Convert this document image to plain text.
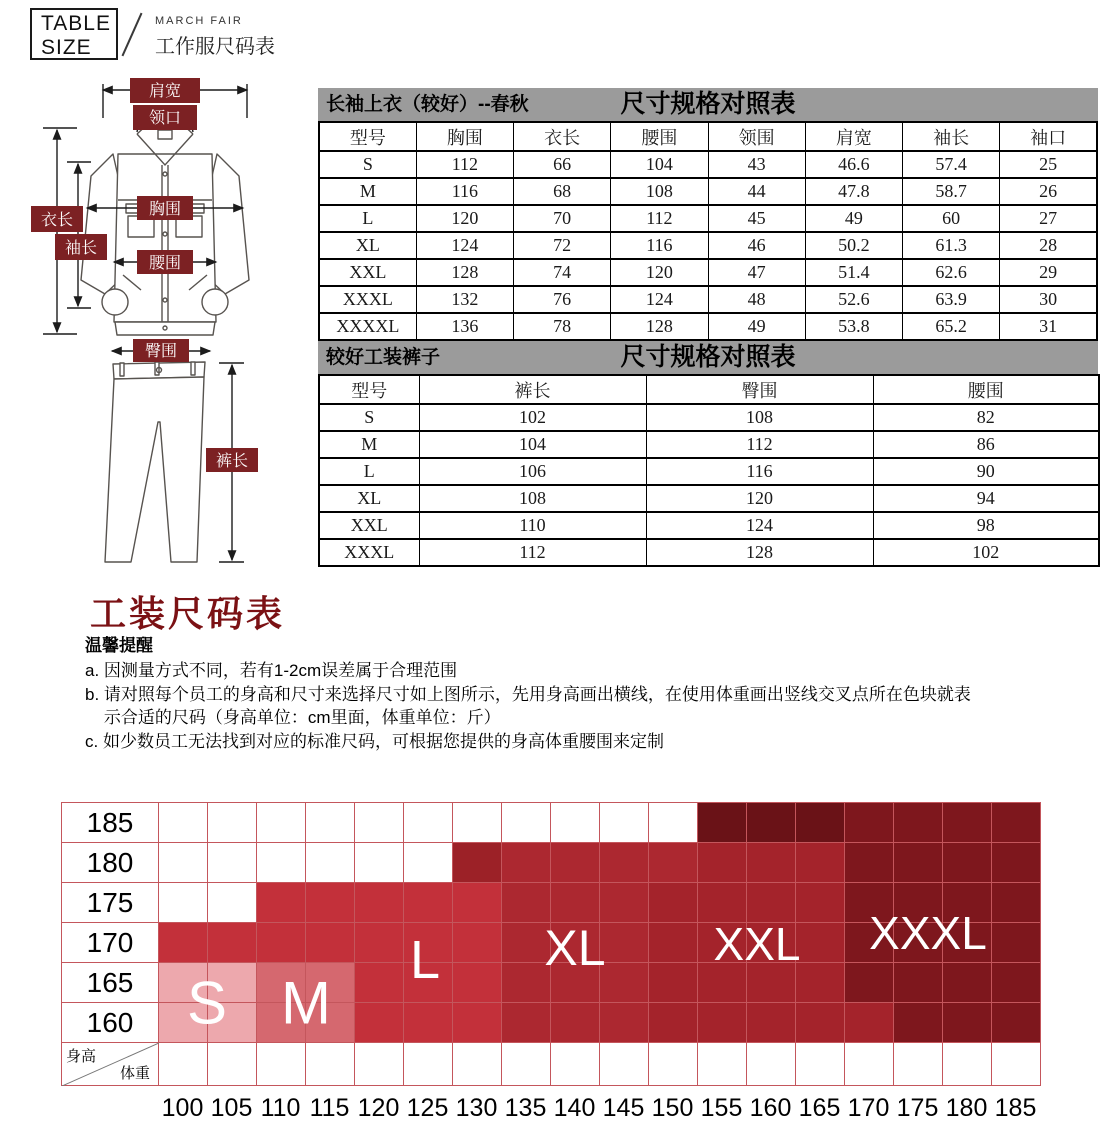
TABLE
SIZE
MARCH FAIR
工作服尺码表
肩宽
领口
衣长
袖长
胸围
腰围
臀围
裤长
长袖上衣（较好）--春秋	尺寸规格对照表
型号	胸围	衣长	腰围	领围	肩宽	袖长	袖口
S	112	66	104	43	46.6	57.4	25
M	116	68	108	44	47.8	58.7	26
L	120	70	112	45	49	60	27
XL	124	72	116	46	50.2	61.3	28
XXL	128	74	120	47	51.4	62.6	29
XXXL	132	76	124	48	52.6	63.9	30
XXXXL	136	78	128	49	53.8	65.2	31
较好工装裤子	尺寸规格对照表
型号	裤长	臀围	腰围
S	102	108	82
M	104	112	86
L	106	116	90
XL	108	120	94
XXL	110	124	98
XXXL	112	128	102
工装尺码表
温馨提醒
a. 因测量方式不同，若有1-2cm误差属于合理范围
b. 请对照每个员工的身高和尺寸来选择尺寸如上图所示，先用身高画出横线，在使用体重画出竖线交叉点所在色块就表
示合适的尺码（身高单位：cm里面，体重单位：斤）
c. 如少数员工无法找到对应的标准尺码，可根据您提供的身高体重腰围来定制
185
180
175
170
165
160
身高
体重
S M
L XL XXL XXXL
100 105 110 115 120 125 130 135 140 145 150 155 160 165 170 175 180 185
